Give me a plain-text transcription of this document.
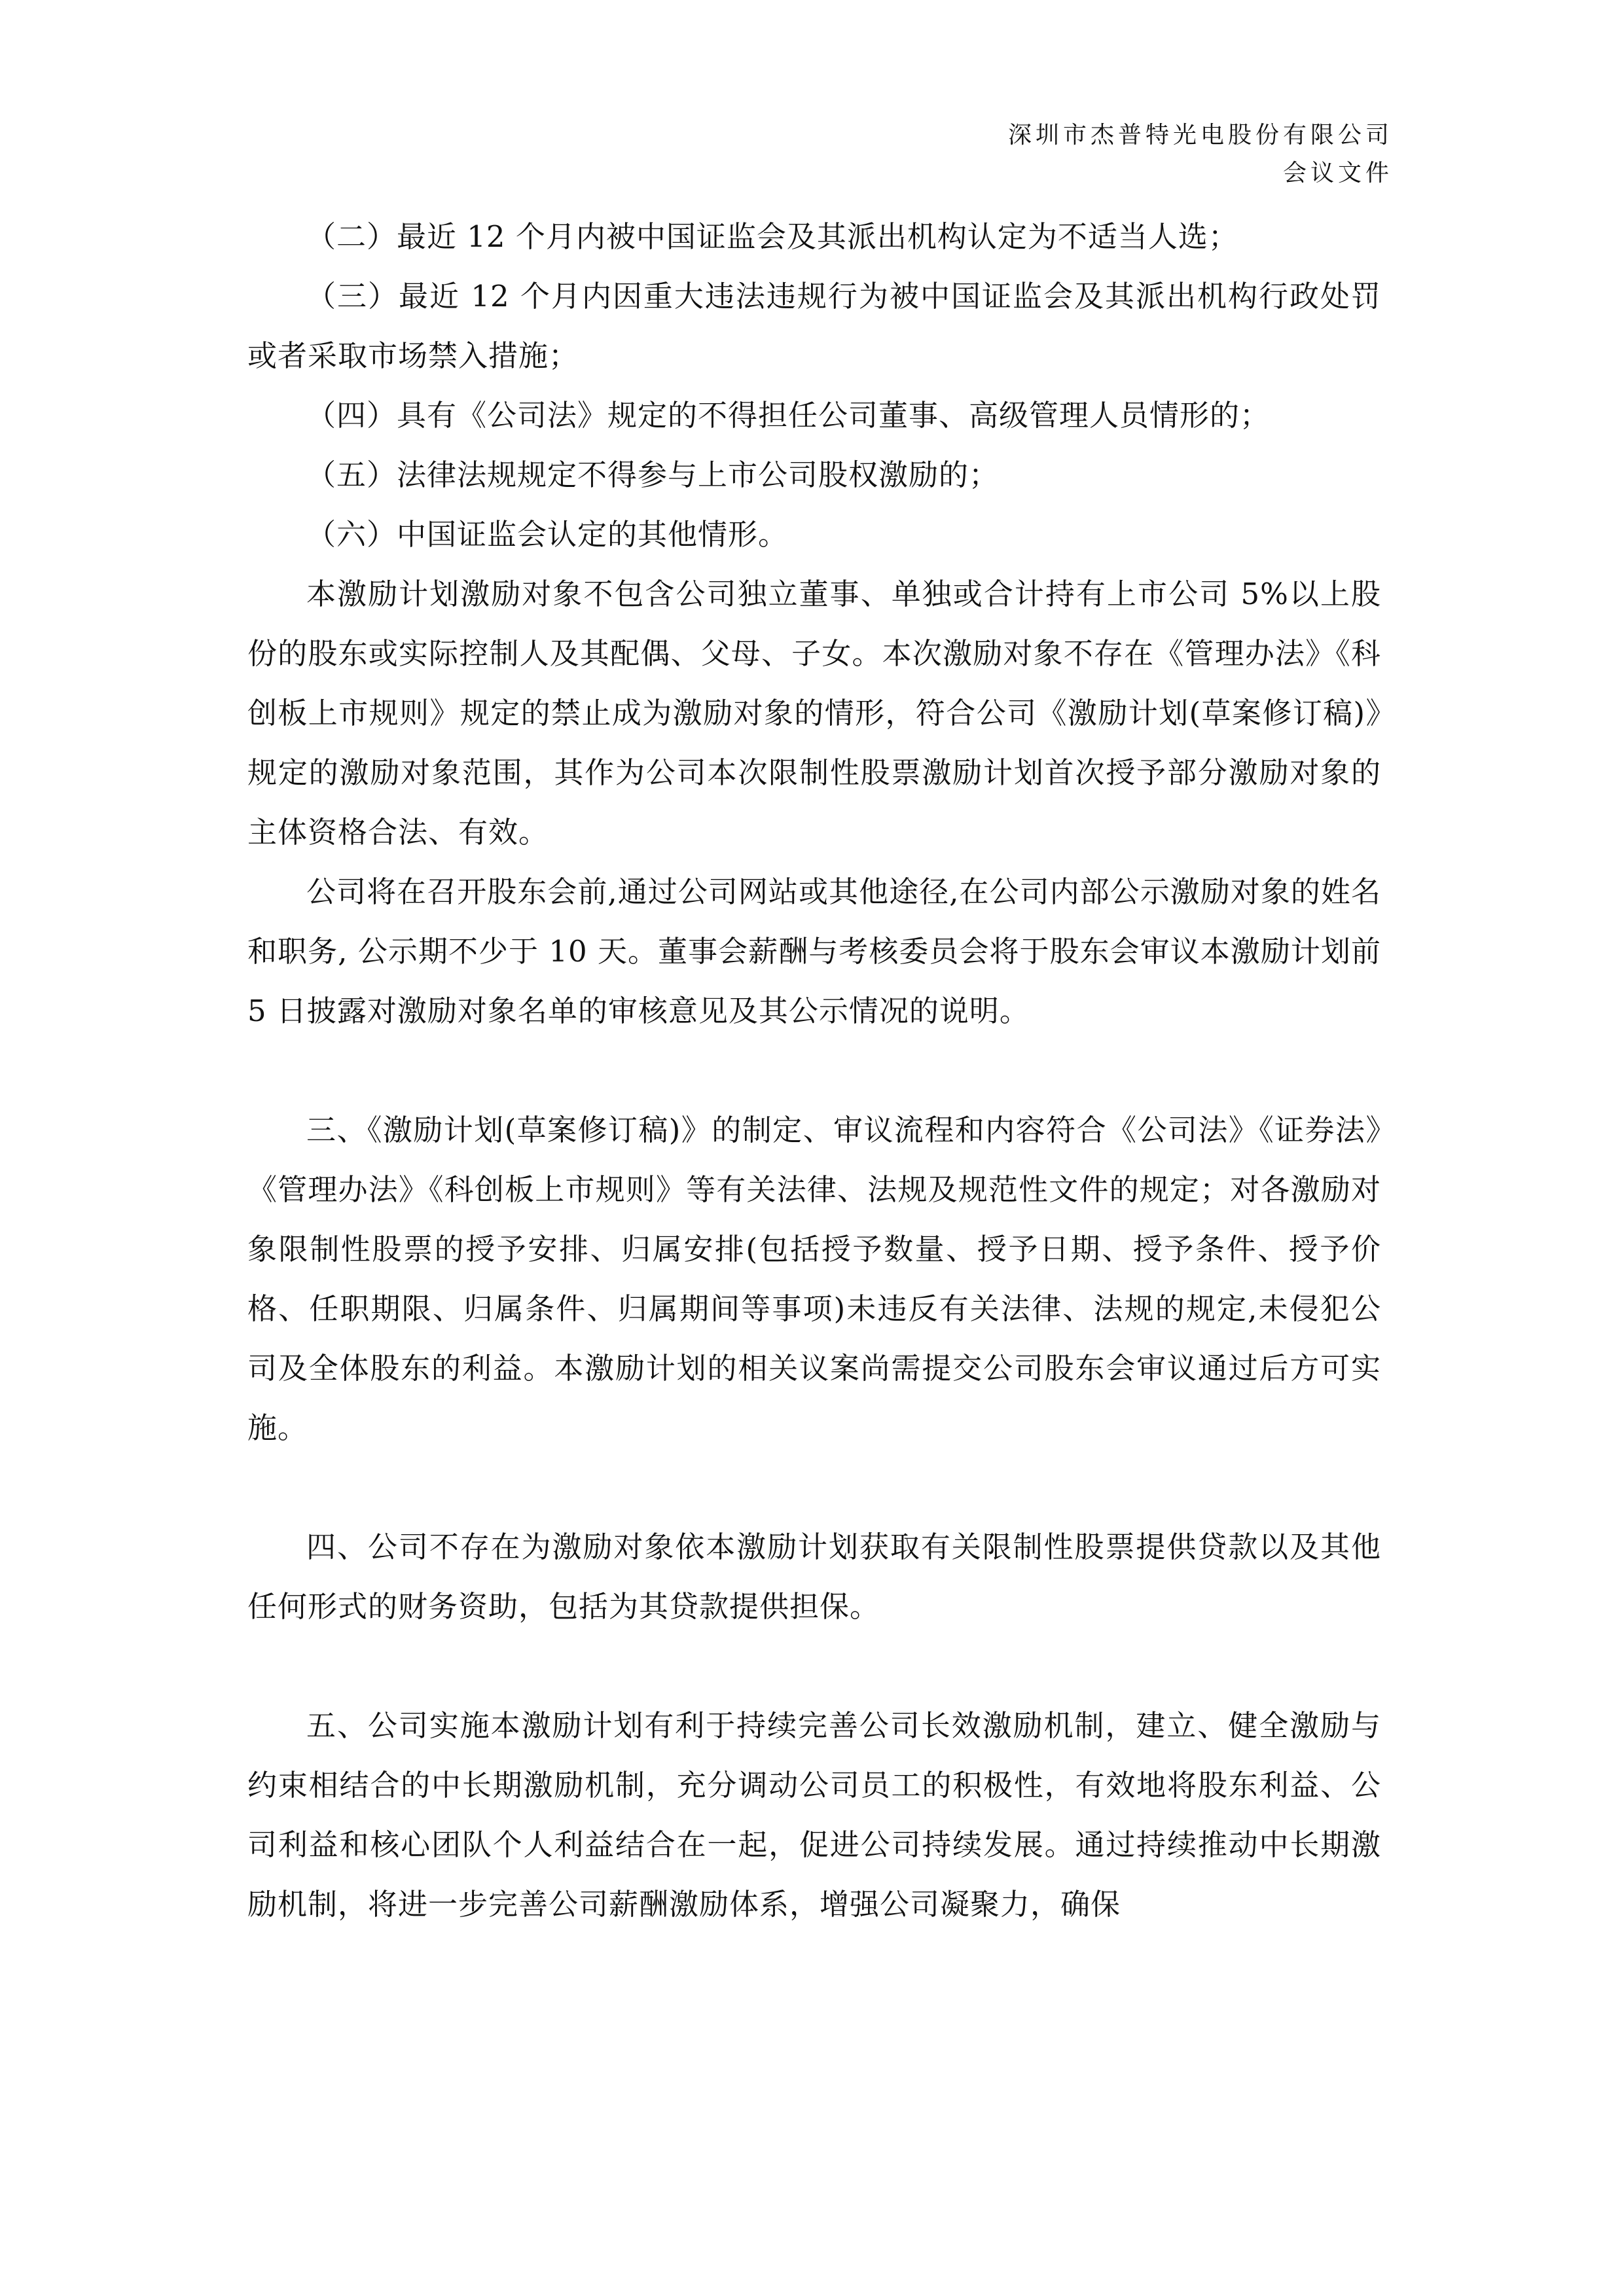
深圳市杰普特光电股份有限公司
会议文件

（二）最近 12 个月内被中国证监会及其派出机构认定为不适当人选；

（三）最近 12 个月内因重大违法违规行为被中国证监会及其派出机构行政处罚或者采取市场禁入措施；

（四）具有《公司法》规定的不得担任公司董事、高级管理人员情形的；

（五）法律法规规定不得参与上市公司股权激励的；

（六）中国证监会认定的其他情形。

本激励计划激励对象不包含公司独立董事、单独或合计持有上市公司 5%以上股份的股东或实际控制人及其配偶、父母、子女。本次激励对象不存在《管理办法》《科创板上市规则》规定的禁止成为激励对象的情形，符合公司《激励计划(草案修订稿)》规定的激励对象范围，其作为公司本次限制性股票激励计划首次授予部分激励对象的主体资格合法、有效。

公司将在召开股东会前,通过公司网站或其他途径,在公司内部公示激励对象的姓名和职务, 公示期不少于 10 天。董事会薪酬与考核委员会将于股东会审议本激励计划前 5 日披露对激励对象名单的审核意见及其公示情况的说明。

三、《激励计划(草案修订稿)》的制定、审议流程和内容符合《公司法》《证券法》《管理办法》《科创板上市规则》等有关法律、法规及规范性文件的规定；对各激励对象限制性股票的授予安排、归属安排(包括授予数量、授予日期、授予条件、授予价格、任职期限、归属条件、归属期间等事项)未违反有关法律、法规的规定,未侵犯公司及全体股东的利益。本激励计划的相关议案尚需提交公司股东会审议通过后方可实施。

四、公司不存在为激励对象依本激励计划获取有关限制性股票提供贷款以及其他任何形式的财务资助，包括为其贷款提供担保。

五、公司实施本激励计划有利于持续完善公司长效激励机制，建立、健全激励与约束相结合的中长期激励机制，充分调动公司员工的积极性，有效地将股东利益、公司利益和核心团队个人利益结合在一起，促进公司持续发展。通过持续推动中长期激励机制，将进一步完善公司薪酬激励体系，增强公司凝聚力，确保
